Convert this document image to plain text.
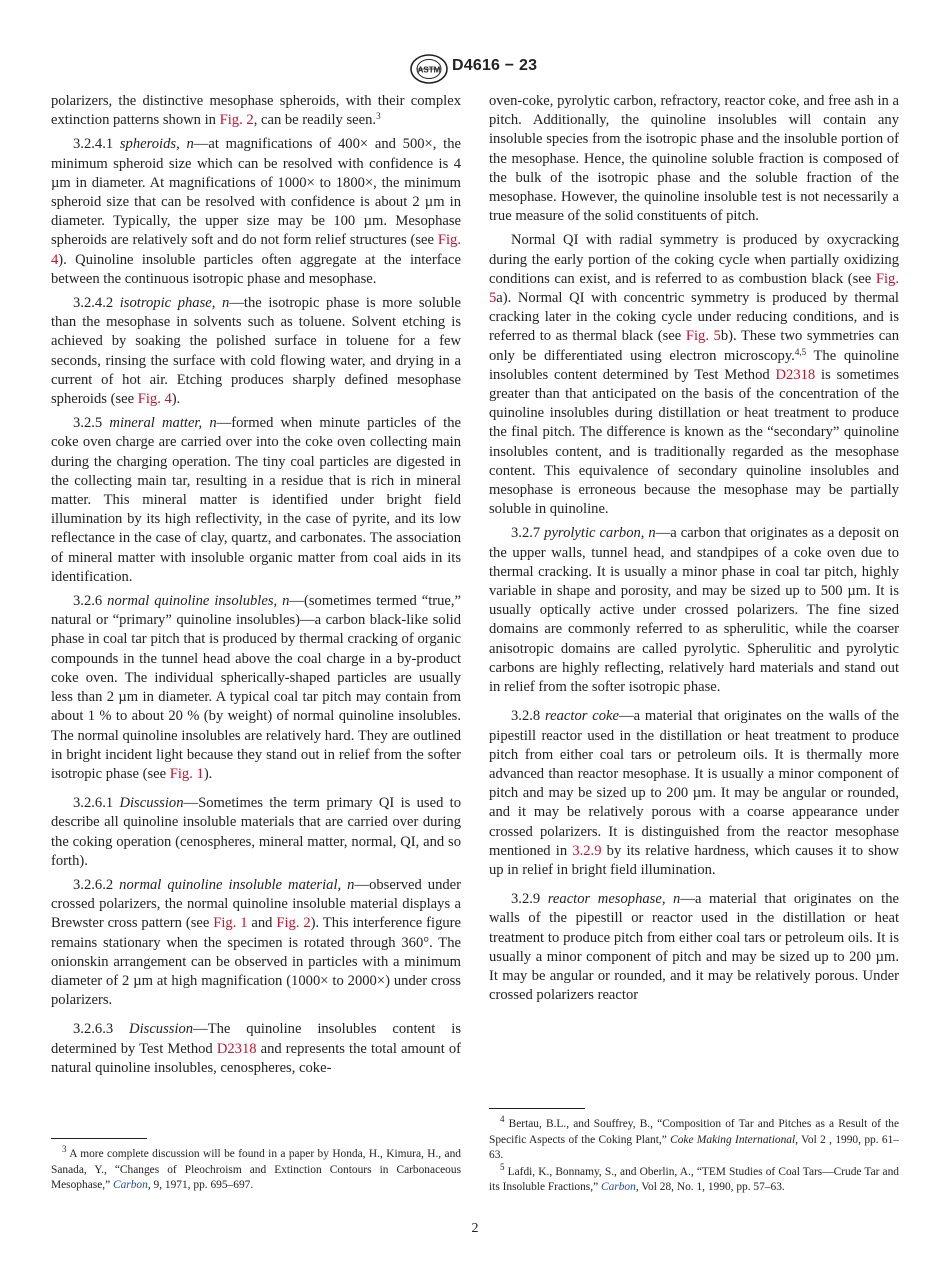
ASTM D4616 − 23

polarizers, the distinctive mesophase spheroids, with their complex extinction patterns shown in Fig. 2, can be readily seen.$^3$

3.2.4.1 spheroids, n—at magnifications of 400× and 500×, the minimum spheroid size which can be resolved with confidence is 4 µm in diameter. At magnifications of 1000× to 1800×, the minimum spheroid size that can be resolved with confidence is about 2 µm in diameter. Typically, the upper size may be 100 µm. Mesophase spheroids are relatively soft and do not form relief structures (see Fig. 4). Quinoline insoluble particles often aggregate at the interface between the continuous isotropic phase and mesophase.

3.2.4.2 isotropic phase, n—the isotropic phase is more soluble than the mesophase in solvents such as toluene. Solvent etching is achieved by soaking the polished surface in toluene for a few seconds, rinsing the surface with cold flowing water, and drying in a current of hot air. Etching produces sharply defined mesophase spheroids (see Fig. 4).

3.2.5 mineral matter, n—formed when minute particles of the coke oven charge are carried over into the coke oven collecting main during the charging operation. The tiny coal particles are digested in the collecting main tar, resulting in a residue that is rich in mineral matter. This mineral matter is identified under bright field illumination by its high reflectivity, in the case of pyrite, and its low reflectance in the case of clay, quartz, and carbonates. The association of mineral matter with insoluble organic matter from coal aids in its identification.

3.2.6 normal quinoline insolubles, n—(sometimes termed “true,” natural or “primary” quinoline insolubles)—a carbon black-like solid phase in coal tar pitch that is produced by thermal cracking of organic compounds in the tunnel head above the coal charge in a by-product coke oven. The individual spherically-shaped particles are usually less than 2 µm in diameter. A typical coal tar pitch may contain from about 1 % to about 20 % (by weight) of normal quinoline insolubles. The normal quinoline insolubles are relatively hard. They are outlined in bright incident light because they stand out in relief from the softer isotropic phase (see Fig. 1).

3.2.6.1 Discussion—Sometimes the term primary QI is used to describe all quinoline insoluble materials that are carried over during the coking operation (cenospheres, mineral matter, normal, QI, and so forth).

3.2.6.2 normal quinoline insoluble material, n—observed under crossed polarizers, the normal quinoline insoluble material displays a Brewster cross pattern (see Fig. 1 and Fig. 2). This interference figure remains stationary when the specimen is rotated through 360°. The onionskin arrangement can be observed in particles with a minimum diameter of 2 µm at high magnification (1000× to 2000×) under cross polarizers.

3.2.6.3 Discussion—The quinoline insolubles content is determined by Test Method D2318 and represents the total amount of natural quinoline insolubles, cenospheres, coke-

oven-coke, pyrolytic carbon, refractory, reactor coke, and free ash in a pitch. Additionally, the quinoline insolubles will contain any insoluble species from the isotropic phase and the insoluble portion of the mesophase. Hence, the quinoline soluble fraction is composed of the bulk of the isotropic phase and the soluble fraction of the mesophase. However, the quinoline insoluble test is not necessarily a true measure of the solid constituents of pitch.

Normal QI with radial symmetry is produced by oxycracking during the early portion of the coking cycle when partially oxidizing conditions can exist, and is referred to as combustion black (see Fig. 5a). Normal QI with concentric symmetry is produced by thermal cracking later in the coking cycle under reducing conditions, and is referred to as thermal black (see Fig. 5b). These two symmetries can only be differentiated using electron microscopy.$^{4,5}$ The quinoline insolubles content determined by Test Method D2318 is sometimes greater than that anticipated on the basis of the concentration of the quinoline insolubles during distillation or heat treatment to produce the final pitch. The difference is known as the “secondary” quinoline insolubles content, and is traditionally regarded as the mesophase content. This equivalence of secondary quinoline insolubles and mesophase is erroneous because the mesophase may be partially soluble in quinoline.

3.2.7 pyrolytic carbon, n—a carbon that originates as a deposit on the upper walls, tunnel head, and standpipes of a coke oven due to thermal cracking. It is usually a minor phase in coal tar pitch, highly variable in shape and porosity, and may be sized up to 500 µm. It is usually optically active under crossed polarizers. The fine sized domains are commonly referred to as spherulitic, while the coarser anisotropic domains are called pyrolytic. Spherulitic and pyrolytic carbons are highly reflecting, relatively hard materials and stand out in relief from the softer isotropic phase.

3.2.8 reactor coke—a material that originates on the walls of the pipestill reactor used in the distillation or heat treatment to produce pitch from either coal tars or petroleum oils. It is thermally more advanced than reactor mesophase. It is usually a minor component of pitch and may be sized up to 200 µm. It may be angular or rounded, and it may be relatively porous with a coarse appearance under crossed polarizers. It is distinguished from the reactor mesophase mentioned in 3.2.9 by its relative hardness, which causes it to show up in relief in bright field illumination.

3.2.9 reactor mesophase, n—a material that originates on the walls of the pipestill or reactor used in the distillation or heat treatment to produce pitch from either coal tars or petroleum oils. It is usually a minor component of pitch and may be sized up to 200 µm. It may be angular or rounded, and it may be relatively porous. Under crossed polarizers reactor

$^3$ A more complete discussion will be found in a paper by Honda, H., Kimura, H., and Sanada, Y., “Changes of Pleochroism and Extinction Contours in Carbonaceous Mesophase,” Carbon, 9, 1971, pp. 695–697.

$^4$ Bertau, B.L., and Souffrey, B., “Composition of Tar and Pitches as a Result of the Specific Aspects of the Coking Plant,” Coke Making International, Vol 2 , 1990, pp. 61–63.

$^5$ Lafdi, K., Bonnamy, S., and Oberlin, A., “TEM Studies of Coal Tars—Crude Tar and its Insoluble Fractions,” Carbon, Vol 28, No. 1, 1990, pp. 57–63.

2
